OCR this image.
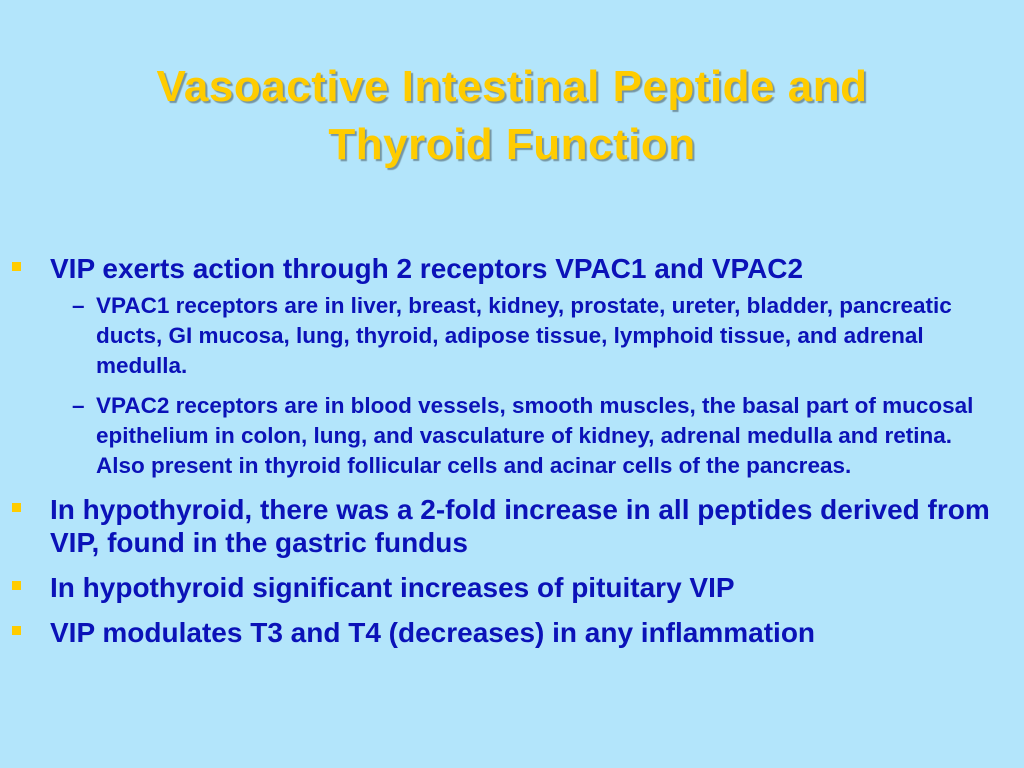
Vasoactive Intestinal Peptide and
Thyroid Function
VIP exerts action through 2 receptors VPAC1 and VPAC2
– VPAC1 receptors are in liver, breast, kidney, prostate, ureter, bladder, pancreatic ducts, GI mucosa, lung, thyroid, adipose tissue, lymphoid tissue, and adrenal medulla.
– VPAC2 receptors are in blood vessels, smooth muscles, the basal part of mucosal epithelium in colon, lung, and vasculature of kidney, adrenal medulla and retina. Also present in thyroid follicular cells and acinar cells of the pancreas.
In hypothyroid, there was a 2-fold increase in all peptides derived from VIP, found in the gastric fundus
In hypothyroid significant increases of pituitary VIP
VIP modulates T3 and T4 (decreases) in any inflammation
